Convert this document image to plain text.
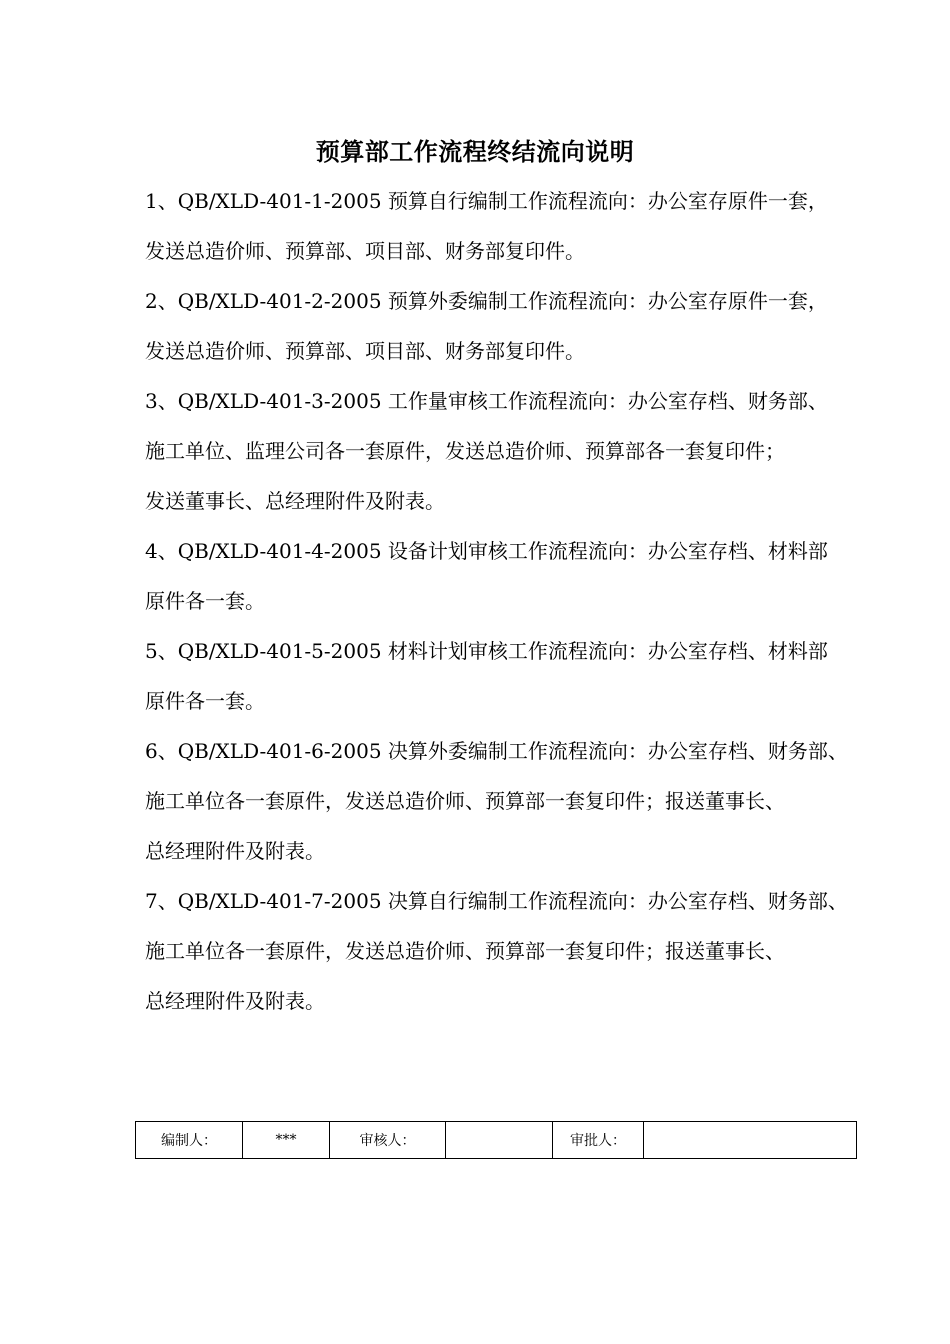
预算部工作流程终结流向说明
1、QB/XLD-401-1-2005 预算自行编制工作流程流向：办公室存原件一套，
发送总造价师、预算部、项目部、财务部复印件。
2、QB/XLD-401-2-2005 预算外委编制工作流程流向：办公室存原件一套，
发送总造价师、预算部、项目部、财务部复印件。
3、QB/XLD-401-3-2005 工作量审核工作流程流向：办公室存档、财务部、
施工单位、监理公司各一套原件，发送总造价师、预算部各一套复印件；
发送董事长、总经理附件及附表。
4、QB/XLD-401-4-2005 设备计划审核工作流程流向：办公室存档、材料部
原件各一套。
5、QB/XLD-401-5-2005 材料计划审核工作流程流向：办公室存档、材料部
原件各一套。
6、QB/XLD-401-6-2005 决算外委编制工作流程流向：办公室存档、财务部、
施工单位各一套原件，发送总造价师、预算部一套复印件；报送董事长、
总经理附件及附表。
7、QB/XLD-401-7-2005 决算自行编制工作流程流向：办公室存档、财务部、
施工单位各一套原件，发送总造价师、预算部一套复印件；报送董事长、
总经理附件及附表。
编制人：	***	审核人：		审批人：	
